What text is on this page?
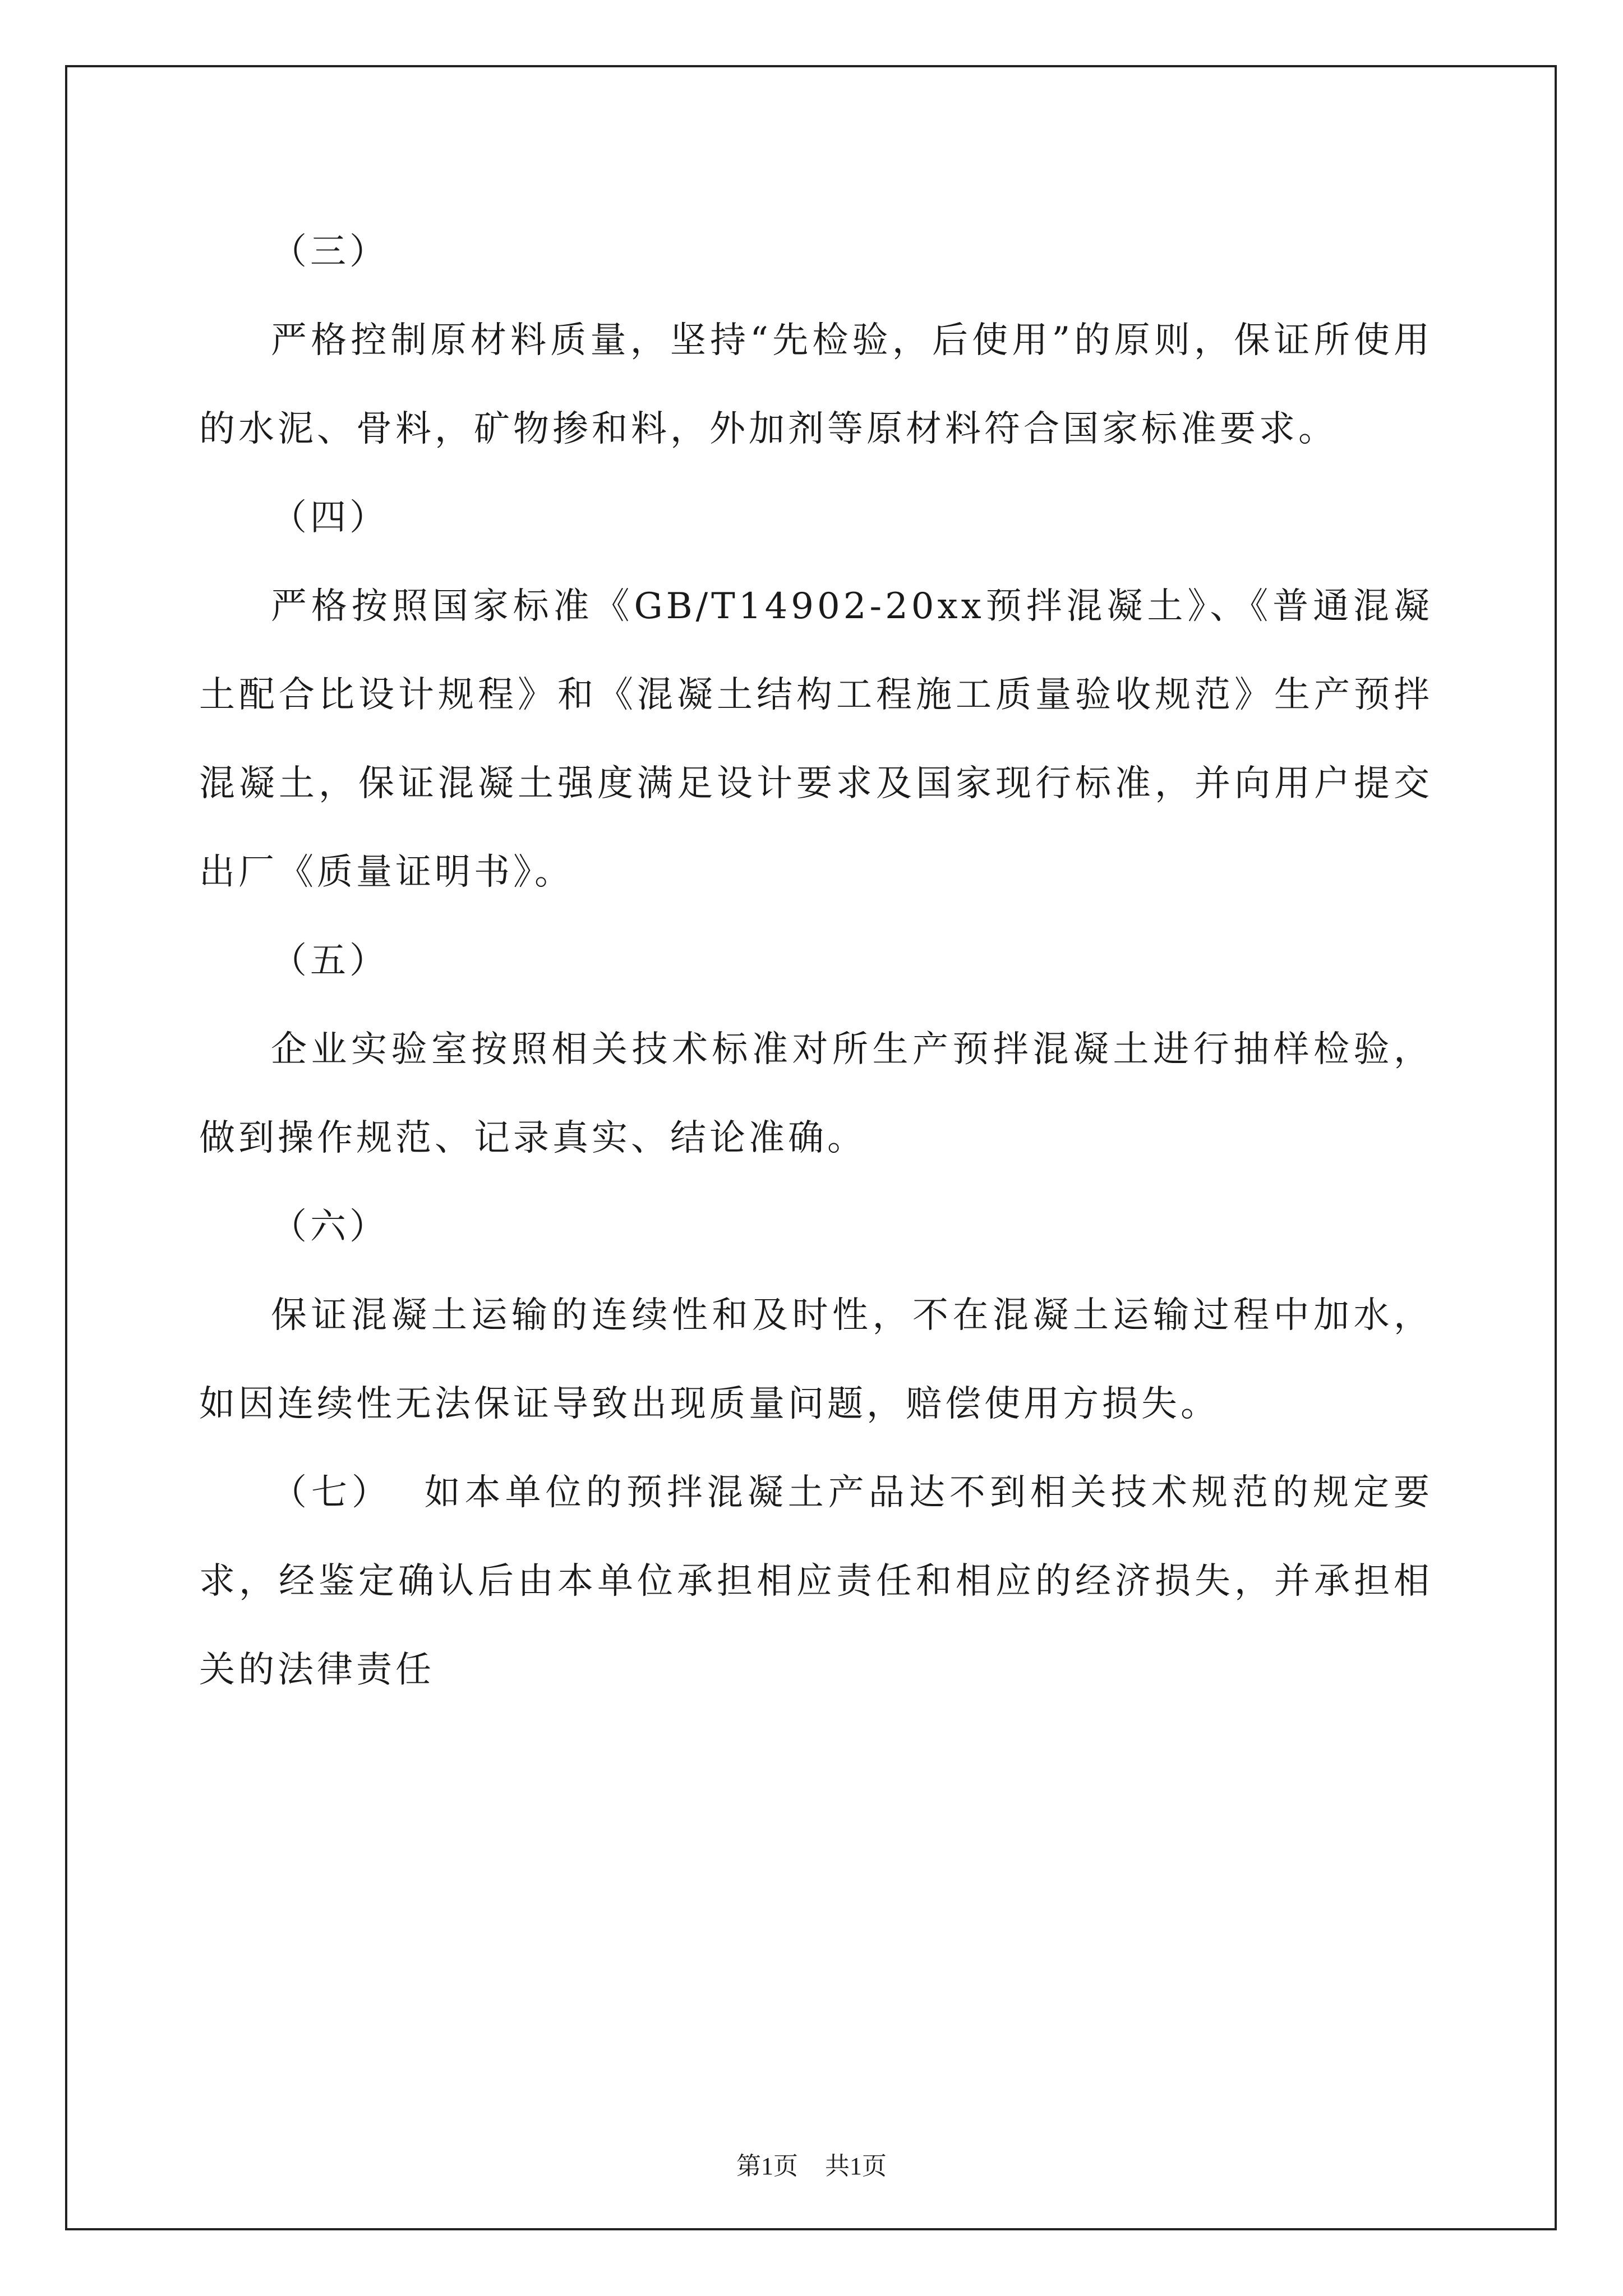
（三）

严格控制原材料质量，坚持“先检验，后使用”的原则，保证所使用的水泥、骨料，矿物掺和料，外加剂等原材料符合国家标准要求。

（四）

严格按照国家标准《GB/T14902-20xx预拌混凝土》、《普通混凝土配合比设计规程》和《混凝土结构工程施工质量验收规范》生产预拌混凝土，保证混凝土强度满足设计要求及国家现行标准，并向用户提交出厂《质量证明书》。

（五）

企业实验室按照相关技术标准对所生产预拌混凝土进行抽样检验，做到操作规范、记录真实、结论准确。

（六）

保证混凝土运输的连续性和及时性，不在混凝土运输过程中加水，如因连续性无法保证导致出现质量问题，赔偿使用方损失。

（七） 如本单位的预拌混凝土产品达不到相关技术规范的规定要求，经鉴定确认后由本单位承担相应责任和相应的经济损失，并承担相关的法律责任

第1页 共1页
